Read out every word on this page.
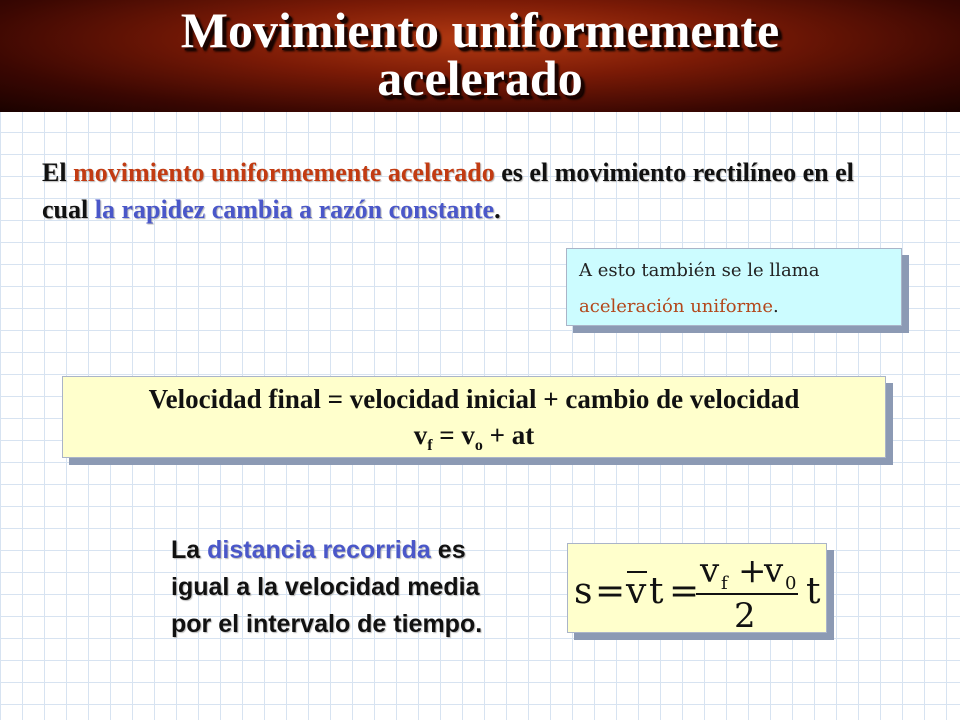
Movimiento uniformemente
acelerado
El movimiento uniformemente acelerado es el movimiento rectilíneo en el cual la rapidez cambia a razón constante.
A esto también se le llama
aceleración uniforme.
Velocidad final = velocidad inicial + cambio de velocidad
$v_f = v_o$ + at
La distancia recorrida es igual a la velocidad media por el intervalo de tiempo.
s = v t = v f +
v 0
2
t
